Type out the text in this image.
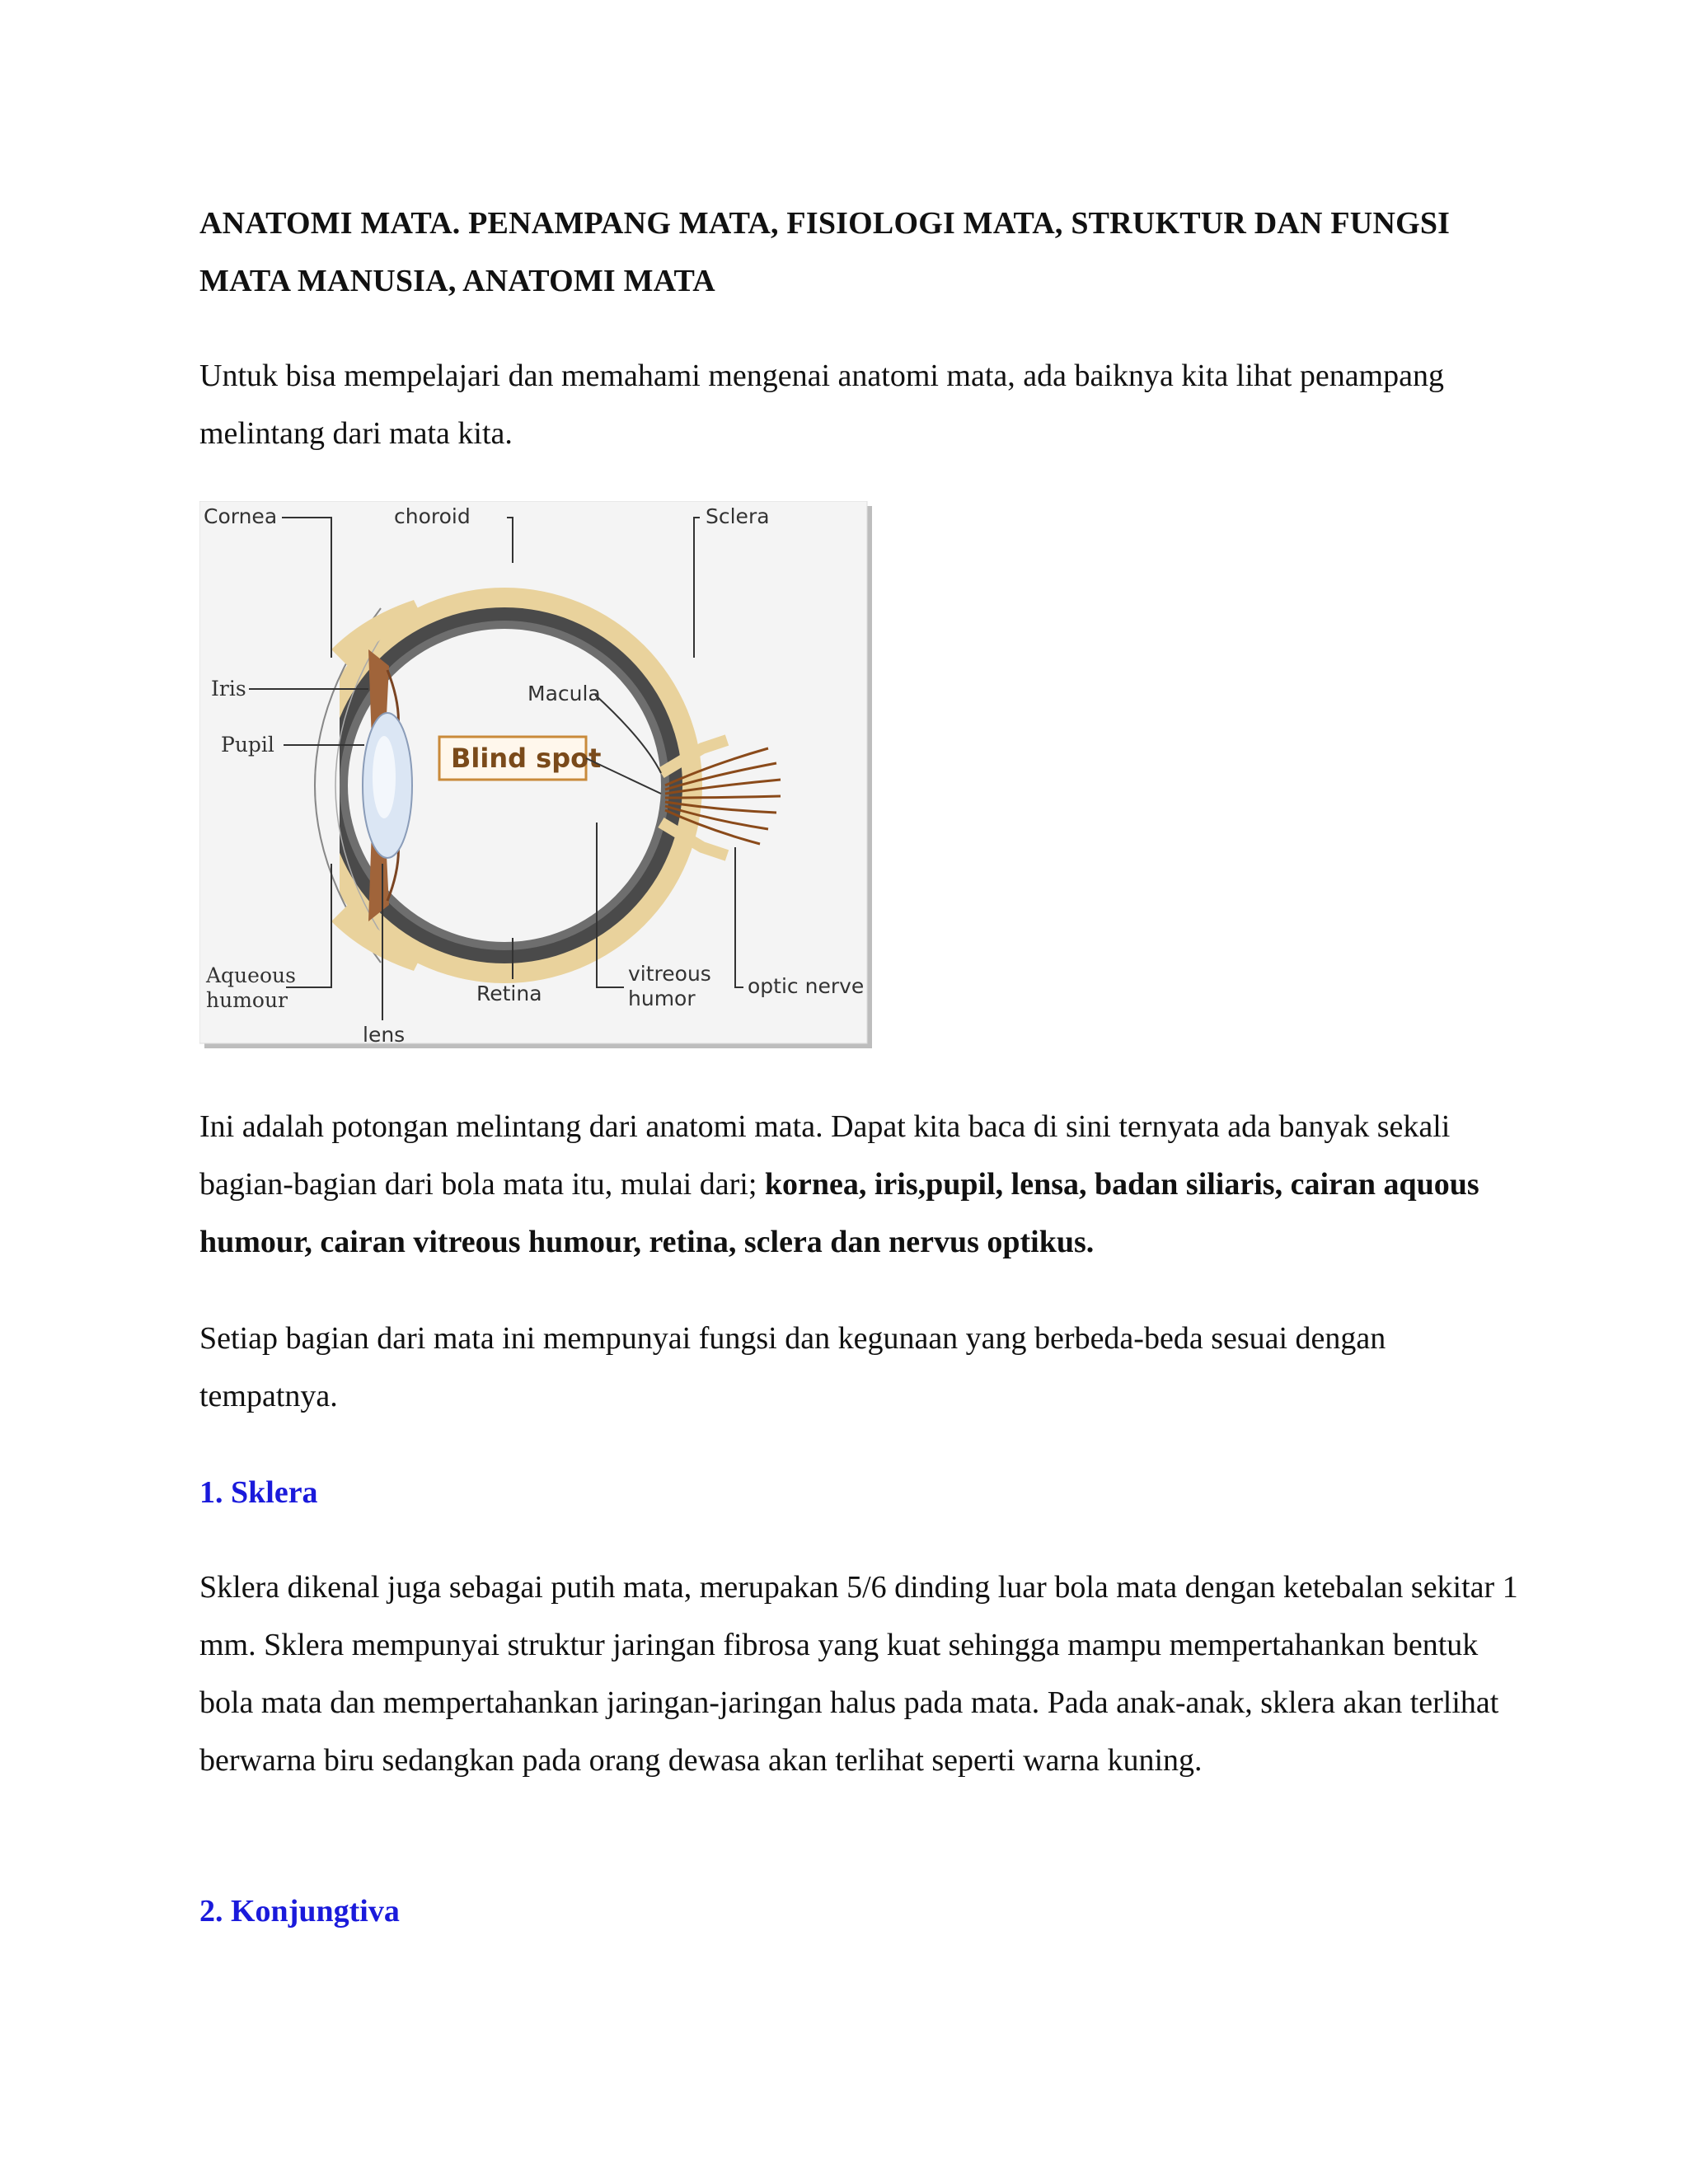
ANATOMI MATA. PENAMPANG MATA, FISIOLOGI MATA, STRUKTUR DAN FUNGSI MATA MANUSIA, ANATOMI MATA
Untuk bisa mempelajari dan memahami mengenai anatomi mata, ada baiknya kita lihat penampang melintang dari mata kita.
Blind spot
Cornea	choroid	Sclera
Iris
Pupil
Macula
Aqueous
humour
lens
Retina
vitreous
humor
optic nerve
Ini adalah potongan melintang dari anatomi mata. Dapat kita baca di sini ternyata ada banyak sekali bagian-bagian dari bola mata itu, mulai dari; kornea, iris,pupil, lensa, badan siliaris, cairan aquous humour, cairan vitreous humour, retina, sclera dan nervus optikus.
Setiap bagian dari mata ini mempunyai fungsi dan kegunaan yang berbeda-beda sesuai dengan tempatnya.
1. Sklera
Sklera dikenal juga sebagai putih mata, merupakan 5/6 dinding luar bola mata dengan ketebalan sekitar 1 mm. Sklera mempunyai struktur jaringan fibrosa yang kuat sehingga mampu mempertahankan bentuk bola mata dan mempertahankan jaringan-jaringan halus pada mata. Pada anak-anak, sklera akan terlihat berwarna biru sedangkan pada orang dewasa akan terlihat seperti warna kuning.
2. Konjungtiva
